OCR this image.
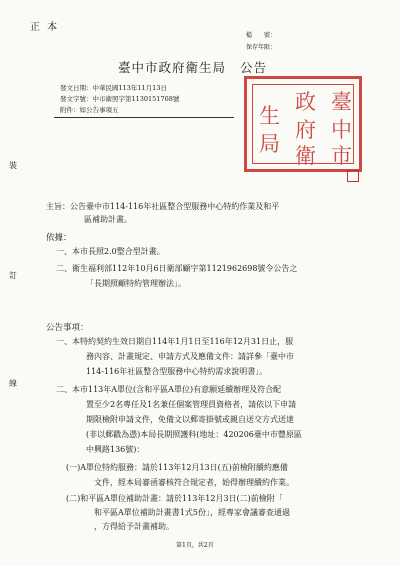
正 本
檔　　號：
保存年限：
臺中市政府衛生局 公告
發文日期：中華民國113年11月13日
發文字號：中市衛照字第1130151768號
附件：如公告事項五	臺
中
市
政
府
衛
生
局
裝
訂
線
主旨：公告臺中市114-116年社區整合型服務中心特約作業及和平
區補助計畫。
依據：
一、本市長照2.0整合型計畫。
二、衛生福利部112年10月6日衛部顧字第1121962698號令公告之
「長期照顧特約管理辦法」。
公告事項：
一、本特約契約生效日期自114年1月1日至116年12月31日止，服
務內容、計畫規定、申請方式及應備文件：請詳參「臺中市
114-116年社區整合型服務中心特約需求說明書」。
二、本市113年A單位(含和平區A單位)有意願延續辦理及符合配
置至少2名專任及1名兼任個案管理員資格者，請依以下申請
期限檢附申請文件，免備文以郵寄掛號或親自送交方式送達
(非以郵戳為憑)本局長期照護科(地址：420206臺中市豐原區
中興路136號)：
(一)A單位特約服務：請於113年12月13日(五)前檢附續約應備
文件，經本局審函審核符合規定者，始得辦理續約作業。
(二)和平區A單位補助計畫：請於113年12月3日(二)前檢附「
和平區A單位補助計畫書1式5份」，經專家會議審查通過
，方得給予計畫補助。
第1頁，共2頁
